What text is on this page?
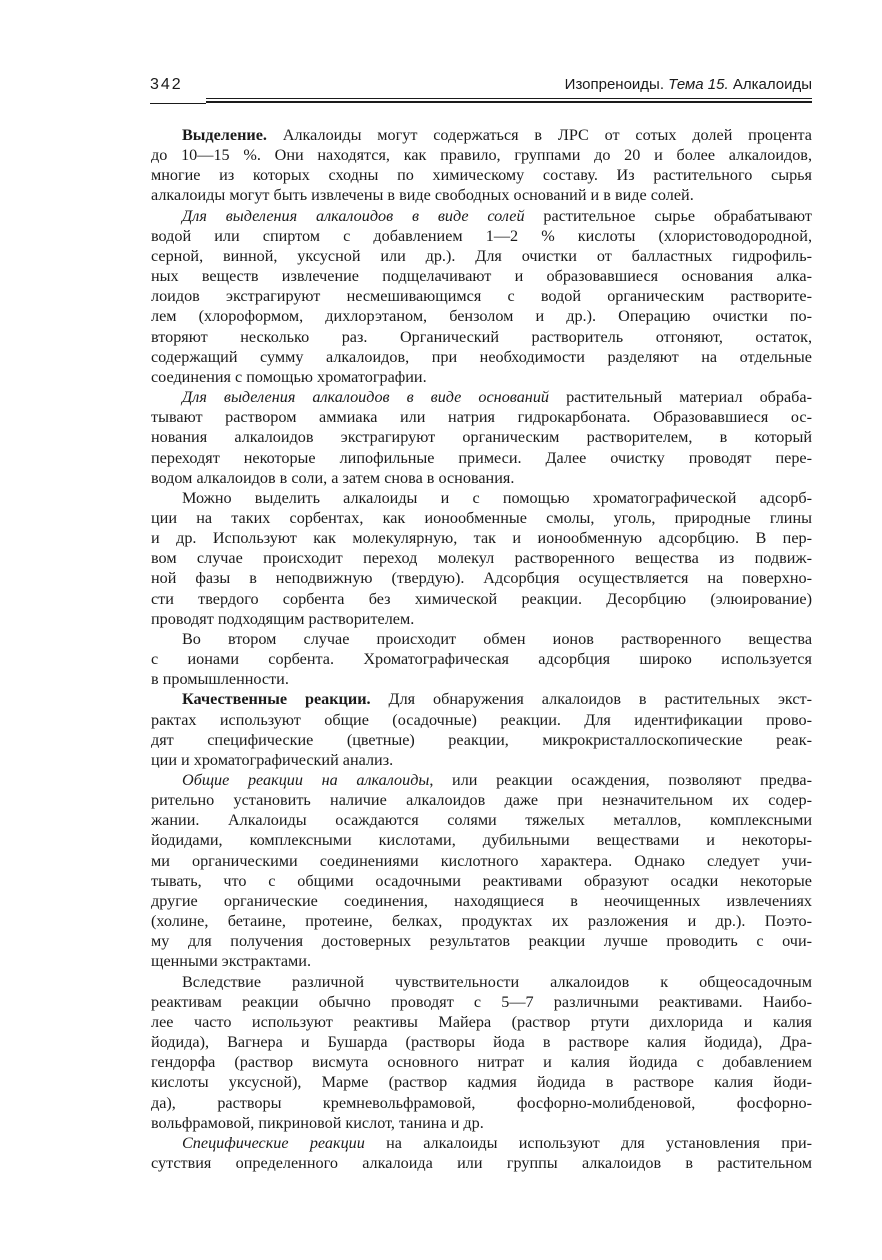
342	Изопреноиды. Тема 15. Алкалоиды
Выделение. Алкалоиды могут содержаться в ЛРС от сотых долей процента
до 10—15 %. Они находятся, как правило, группами до 20 и более алкалоидов,
многие из которых сходны по химическому составу. Из растительного сырья
алкалоиды могут быть извлечены в виде свободных оснований и в виде солей.
Для выделения алкалоидов в виде солей растительное сырье обрабатывают
водой или спиртом с добавлением 1—2 % кислоты (хлористоводородной,
серной, винной, уксусной или др.). Для очистки от балластных гидрофиль-
ных веществ извлечение подщелачивают и образовавшиеся основания алка-
лоидов экстрагируют несмешивающимся с водой органическим растворите-
лем (хлороформом, дихлорэтаном, бензолом и др.). Операцию очистки по-
вторяют несколько раз. Органический растворитель отгоняют, остаток,
содержащий сумму алкалоидов, при необходимости разделяют на отдельные
соединения с помощью хроматографии.
Для выделения алкалоидов в виде оснований растительный материал обраба-
тывают раствором аммиака или натрия гидрокарбоната. Образовавшиеся ос-
нования алкалоидов экстрагируют органическим растворителем, в который
переходят некоторые липофильные примеси. Далее очистку проводят пере-
водом алкалоидов в соли, а затем снова в основания.
Можно выделить алкалоиды и с помощью хроматографической адсорб-
ции на таких сорбентах, как ионообменные смолы, уголь, природные глины
и др. Используют как молекулярную, так и ионообменную адсорбцию. В пер-
вом случае происходит переход молекул растворенного вещества из подвиж-
ной фазы в неподвижную (твердую). Адсорбция осуществляется на поверхно-
сти твердого сорбента без химической реакции. Десорбцию (элюирование)
проводят подходящим растворителем.
Во втором случае происходит обмен ионов растворенного вещества
с ионами сорбента. Хроматографическая адсорбция широко используется
в промышленности.
Качественные реакции. Для обнаружения алкалоидов в растительных экст-
рактах используют общие (осадочные) реакции. Для идентификации прово-
дят специфические (цветные) реакции, микрокристаллоскопические реак-
ции и хроматографический анализ.
Общие реакции на алкалоиды, или реакции осаждения, позволяют предва-
рительно установить наличие алкалоидов даже при незначительном их содер-
жании. Алкалоиды осаждаются солями тяжелых металлов, комплексными
йодидами, комплексными кислотами, дубильными веществами и некоторы-
ми органическими соединениями кислотного характера. Однако следует учи-
тывать, что с общими осадочными реактивами образуют осадки некоторые
другие органические соединения, находящиеся в неочищенных извлечениях
(холине, бетаине, протеине, белках, продуктах их разложения и др.). Поэто-
му для получения достоверных результатов реакции лучше проводить с очи-
щенными экстрактами.
Вследствие различной чувствительности алкалоидов к общеосадочным
реактивам реакции обычно проводят с 5—7 различными реактивами. Наибо-
лее часто используют реактивы Майера (раствор ртути дихлорида и калия
йодида), Вагнера и Бушарда (растворы йода в растворе калия йодида), Дра-
гендорфа (раствор висмута основного нитрат и калия йодида с добавлением
кислоты уксусной), Марме (раствор кадмия йодида в растворе калия йоди-
да), растворы кремневольфрамовой, фосфорно-молибденовой, фосфорно-
вольфрамовой, пикриновой кислот, танина и др.
Специфические реакции на алкалоиды используют для установления при-
сутствия определенного алкалоида или группы алкалоидов в растительном
